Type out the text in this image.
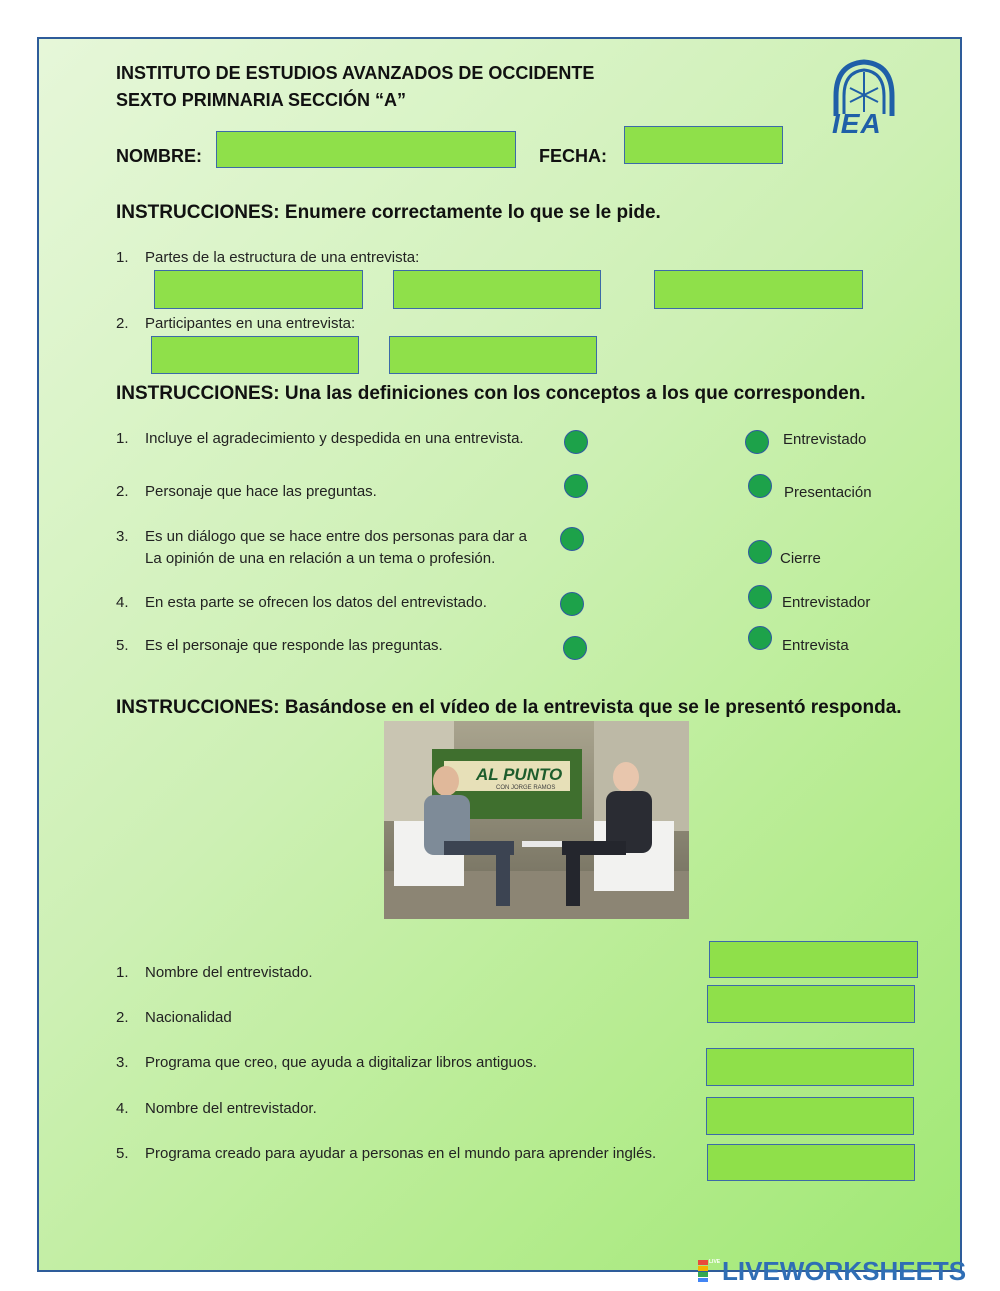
INSTITUTO DE ESTUDIOS AVANZADOS DE OCCIDENTE
SEXTO PRIMNARIA SECCIÓN “A”
IEA
NOMBRE:	FECHA:
INSTRUCCIONES: Enumere correctamente lo que se le pide.
1. Partes de la estructura de una entrevista:
2. Participantes en una entrevista:
INSTRUCCIONES: Una las definiciones con los conceptos a los que corresponden.
1. Incluye el agradecimiento y despedida en una entrevista.
2. Personaje que hace las preguntas.
3. Es un diálogo que se hace entre dos personas para dar a
La opinión de una en relación a un tema o profesión.
4. En esta parte se ofrecen los datos del entrevistado.
5. Es el personaje que responde las preguntas.
Entrevistado
Presentación
Cierre
Entrevistador
Entrevista
INSTRUCCIONES: Basándose en el vídeo de la entrevista que se le presentó responda.
AL PUNTO
CON JORGE RAMOS
1. Nombre del entrevistado.
2. Nacionalidad
3. Programa que creo, que ayuda a digitalizar libros antiguos.
4. Nombre del entrevistador.
5. Programa creado para ayudar a personas en el mundo para aprender inglés.
LIVE LIVEWORKSHEETS
